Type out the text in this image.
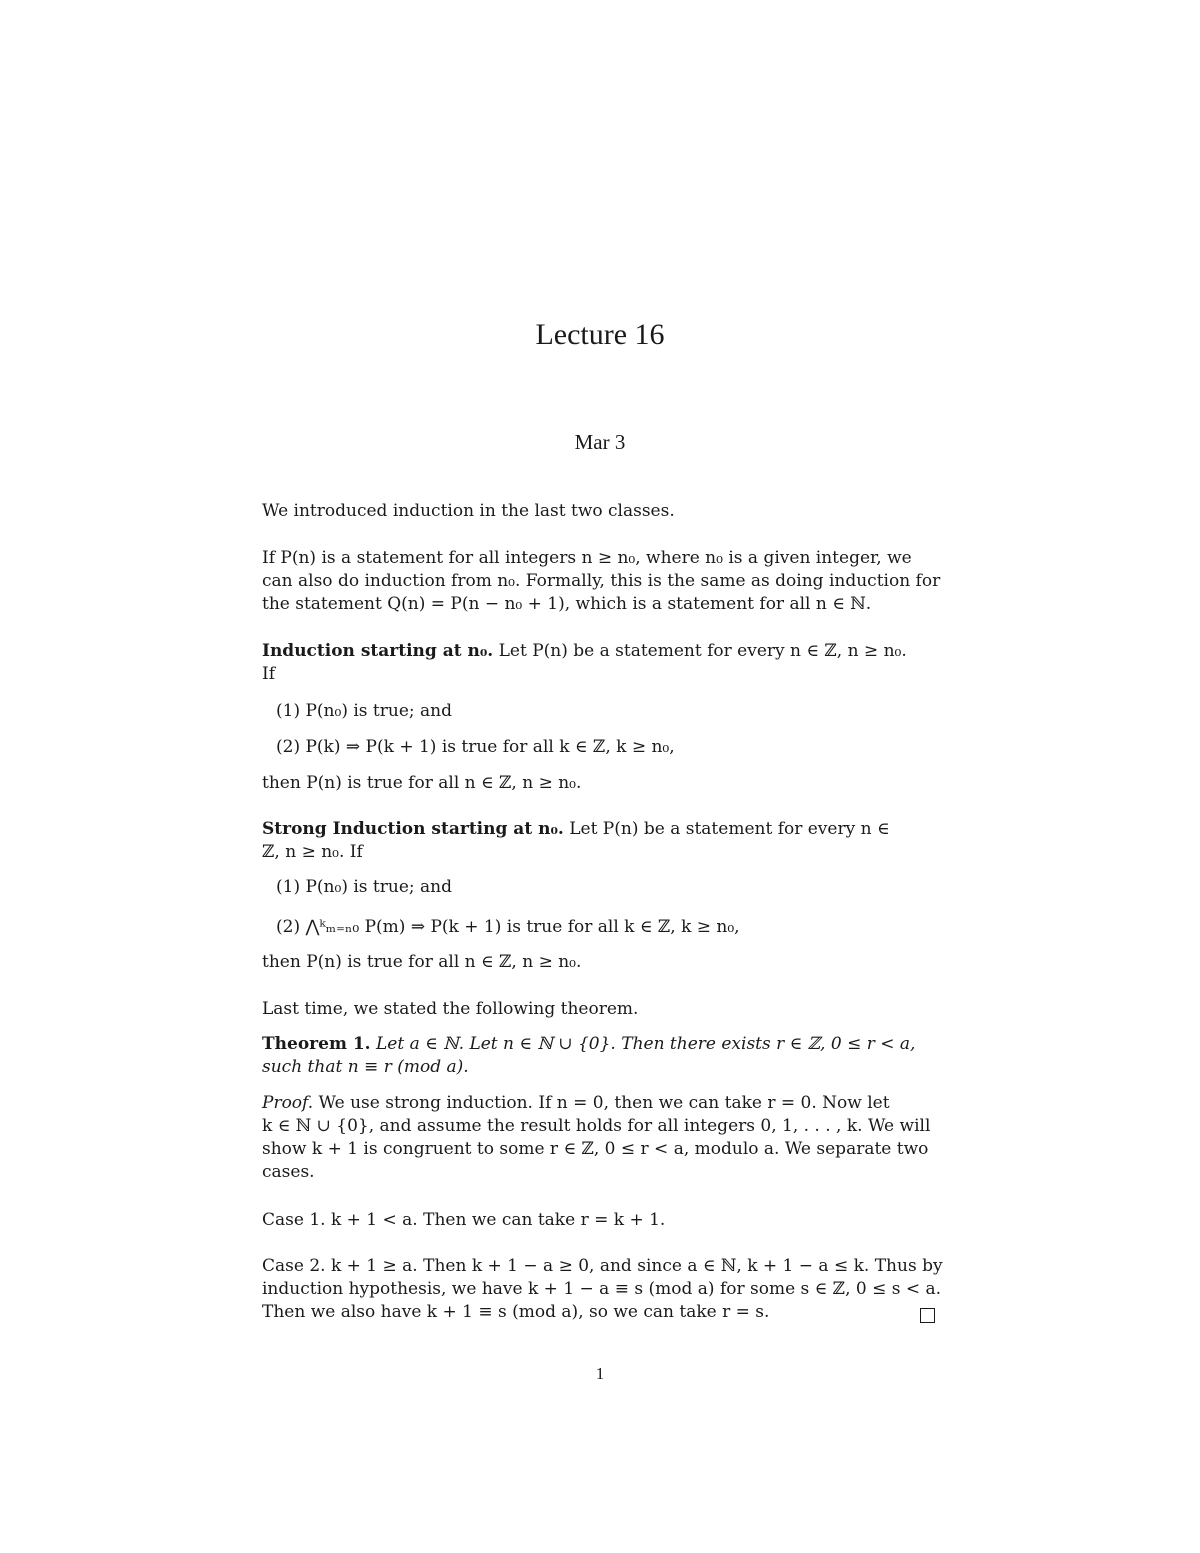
Lecture 16
Mar 3
We introduced induction in the last two classes.
If P(n) is a statement for all integers n ≥ n₀, where n₀ is a given integer, we
can also do induction from n₀. Formally, this is the same as doing induction for
the statement Q(n) = P(n − n₀ + 1), which is a statement for all n ∈ ℕ.
Induction starting at n₀. Let P(n) be a statement for every n ∈ ℤ, n ≥ n₀.
If
(1) P(n₀) is true; and
(2) P(k) ⇒ P(k + 1) is true for all k ∈ ℤ, k ≥ n₀,
then P(n) is true for all n ∈ ℤ, n ≥ n₀.
Strong Induction starting at n₀. Let P(n) be a statement for every n ∈
ℤ, n ≥ n₀. If
(1) P(n₀) is true; and
(2) ⋀ᵏₘ₌ₙ₀ P(m) ⇒ P(k + 1) is true for all k ∈ ℤ, k ≥ n₀,
then P(n) is true for all n ∈ ℤ, n ≥ n₀.
Last time, we stated the following theorem.
Theorem 1. Let a ∈ ℕ. Let n ∈ ℕ ∪ {0}. Then there exists r ∈ ℤ, 0 ≤ r < a,
such that n ≡ r (mod a).
Proof. We use strong induction. If n = 0, then we can take r = 0. Now let
k ∈ ℕ ∪ {0}, and assume the result holds for all integers 0, 1, . . . , k. We will
show k + 1 is congruent to some r ∈ ℤ, 0 ≤ r < a, modulo a. We separate two
cases.
Case 1. k + 1 < a. Then we can take r = k + 1.
Case 2. k + 1 ≥ a. Then k + 1 − a ≥ 0, and since a ∈ ℕ, k + 1 − a ≤ k. Thus by
induction hypothesis, we have k + 1 − a ≡ s (mod a) for some s ∈ ℤ, 0 ≤ s < a.
Then we also have k + 1 ≡ s (mod a), so we can take r = s.
1
